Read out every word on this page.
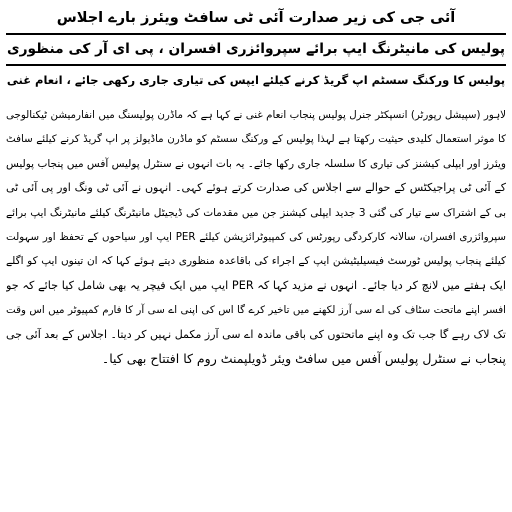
آئی جی کی زیر صدارت آئی ٹی سافٹ ویئرز بارے اجلاس
پولیس کی مانیٹرنگ ایپ برائے سپروائزری افسران ، پی ای آر کی منظوری
پولیس کا ورکنگ سسٹم اپ گریڈ کرنے کیلئے ایپس کی تیاری جاری رکھی جائے ، انعام غنی
لاہور (سپیشل رپورٹر) انسپکٹر جنرل پولیس پنجاب انعام غنی نے کہا ہے کہ ماڈرن پولیسنگ میں انفارمیشن ٹیکنالوجی
کا موثر استعمال کلیدی حیثیت رکھتا ہے لہذا پولیس کے ورکنگ سسٹم کو ماڈرن ماڈیولز پر اپ گریڈ کرنے کیلئے سافٹ
ویئرز اور ایپلی کیشنز کی تیاری کا سلسلہ جاری رکھا جائے۔ یہ بات انہوں نے سنٹرل پولیس آفس میں پنجاب پولیس
کے آئی ٹی پراجیکٹس کے حوالے سے اجلاس کی صدارت کرتے ہوئے کہی۔ انہوں نے آئی ٹی ونگ اور پی آئی ٹی
بی کے اشتراک سے تیار کی گئی 3 جدید ایپلی کیشنز جن میں مقدمات کی ڈیجیٹل مانیٹرنگ کیلئے مانیٹرنگ ایپ برائے
سپروائزری افسران، سالانہ کارکردگی رپورٹس کی کمپیوٹرائزیشن کیلئے PER ایپ اور سیاحوں کے تحفظ اور سہولت
کیلئے پنجاب پولیس ٹورسٹ فیسیلیٹیشن ایپ کے اجراء کی باقاعدہ منظوری دیتے ہوئے کہا کہ ان تینوں ایپ کو اگلے
ایک ہفتے میں لانچ کر دیا جائے۔ انہوں نے مزید کہا کہ PER ایپ میں ایک فیچر یہ بھی شامل کیا جائے کہ جو
افسر اپنے ماتحت سٹاف کی اے سی آرز لکھنے میں تاخیر کرے گا اس کی اپنی اے سی آر کا فارم کمپیوٹر میں اس وقت
تک لاک رہے گا جب تک وہ اپنے ماتحتوں کی باقی ماندہ اے سی آرز مکمل نہیں کر دیتا۔ اجلاس کے بعد آئی جی
پنجاب نے سنٹرل پولیس آفس میں سافٹ ویئر ڈویلپمنٹ روم کا افتتاح بھی کیا۔
